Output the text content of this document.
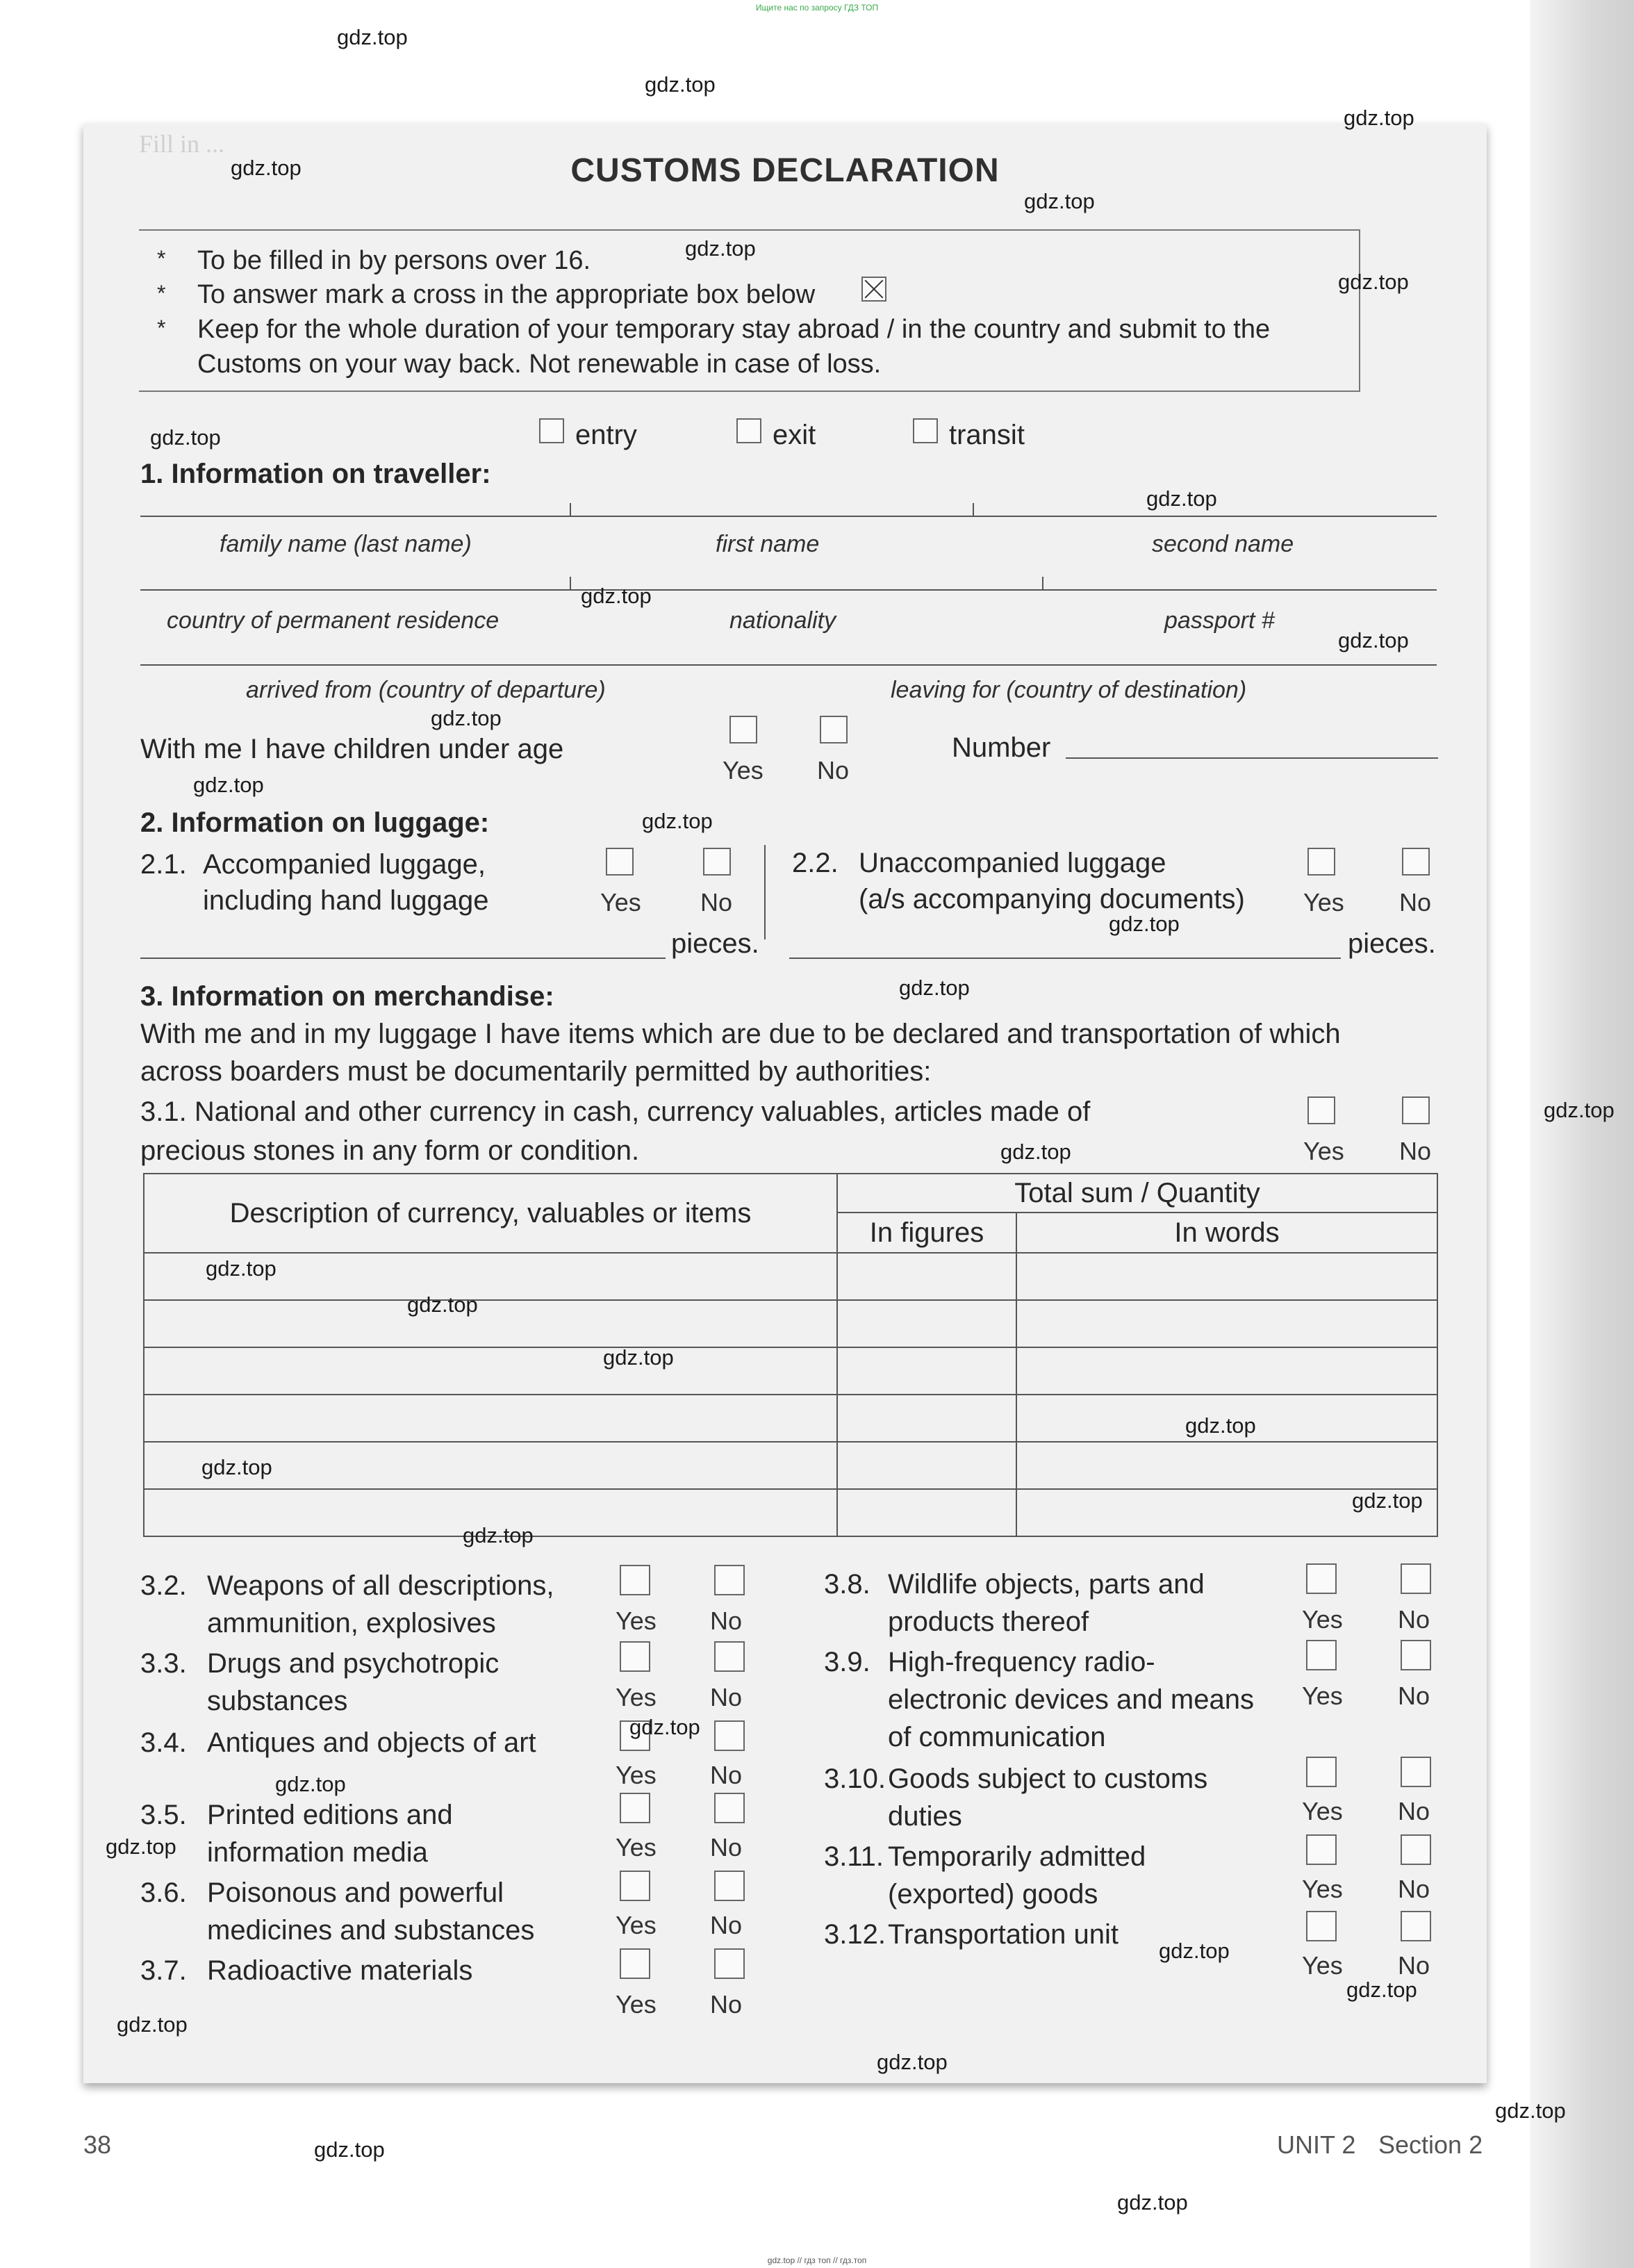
Ищите нас по запросу ГДЗ ТОП
Fill in ...
CUSTOMS DECLARATION
*
*
*
To be filled in by persons over 16.
To answer mark a cross in the appropriate box below
Keep for the whole duration of your temporary stay abroad / in the country and submit to the
Customs on your way back. Not renewable in case of loss.
entry	exit	transit
1. Information on traveller:
family name (last name)	first name	second name
country of permanent residence	nationality	passport #
arrived from (country of departure)	leaving for (country of destination)
With me I have children under age
Yes No
Number
2. Information on luggage:
2.1. Accompanied luggage,
including hand luggage	Yes No
pieces.
2.2. Unaccompanied luggage
(a/s accompanying documents) Yes No
pieces.
3. Information on merchandise:
With me and in my luggage I have items which are due to be declared and transportation of which
across boarders must be documentarily permitted by authorities:
3.1. National and other currency in cash, currency valuables, articles made of
precious stones in any form or condition.	Yes No
Description of currency, valuables or items	Total sum / Quantity	
	In figures	In words

3.2. Weapons of all descriptions,
ammunition, explosives	Yes No
3.3. Drugs and psychotropic
substances	Yes No
3.4. Antiques and objects of art
Yes No
3.5. Printed editions and
information media	Yes No
3.6. Poisonous and powerful
medicines and substances	Yes No
3.7. Radioactive materials
Yes No
3.8. Wildlife objects, parts and
products thereof	Yes No
3.9. High-frequency radio-
electronic devices and means
of communication
Yes No
3.10. Goods subject to customs
duties	Yes No
3.11. Temporarily admitted
(exported) goods	Yes No
3.12. Transportation unit
Yes No
38	UNIT 2 Section 2
gdz.top
gdz.top
gdz.top
gdz.top
gdz.top
gdz.top
gdz.top
gdz.top
gdz.top
gdz.top
gdz.top
gdz.top
gdz.top
gdz.top
gdz.top
gdz.top
gdz.top
gdz.top
gdz.top
gdz.top
gdz.top
gdz.top
gdz.top
gdz.top
gdz.top
gdz.top
gdz.top
gdz.top
gdz.top
gdz.top
gdz.top
gdz.top
gdz.top
gdz.top
gdz.top
gdz.top // гдз топ // гдз.топ
